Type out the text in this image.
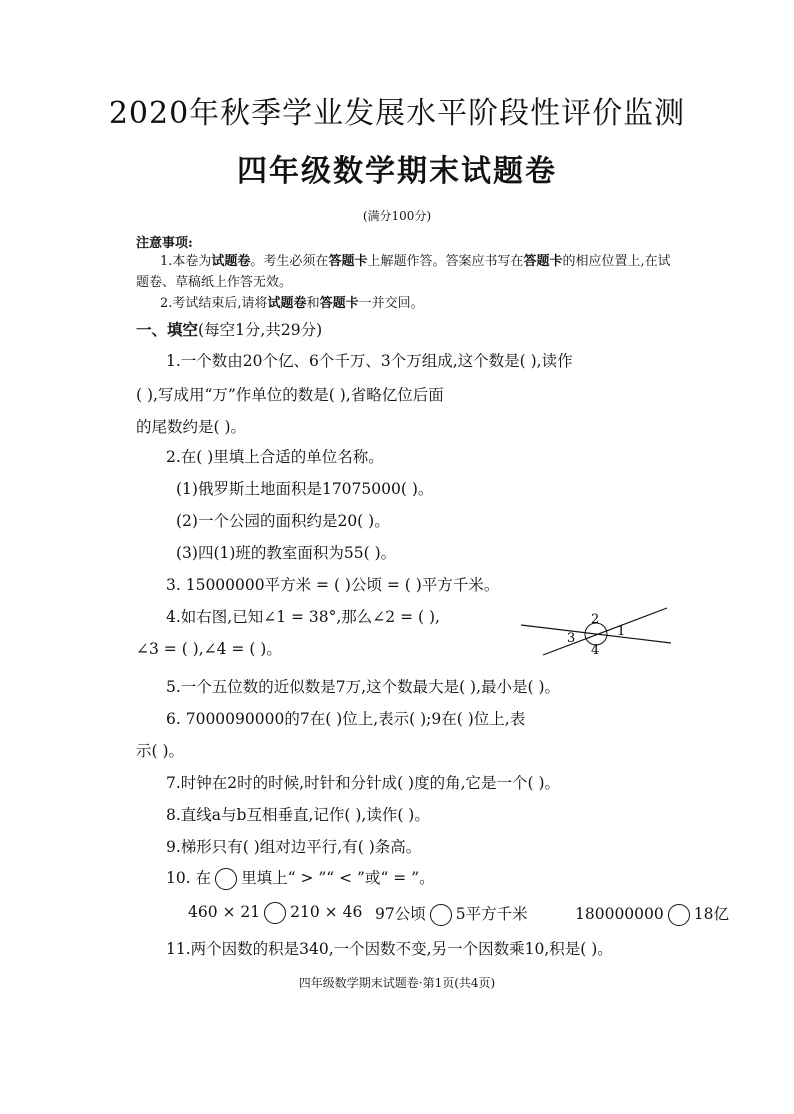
2020年秋季学业发展水平阶段性评价监测
四年级数学期末试题卷
(满分100分)
注意事项:
1.本卷为试题卷。考生必须在答题卡上解题作答。答案应书写在答题卡的相应位置上,在试
题卷、草稿纸上作答无效。
2.考试结束后,请将试题卷和答题卡一并交回。
一、填空(每空1分,共29分)
1.一个数由20个亿、6个千万、3个万组成,这个数是( ),读作
( ),写成用“万”作单位的数是( ),省略亿位后面
的尾数约是( )。
2.在( )里填上合适的单位名称。
(1)俄罗斯土地面积是17075000( )。
(2)一个公园的面积约是20( )。
(3)四(1)班的教室面积为55( )。
3. 15000000平方米 = ( )公顷 = ( )平方千米。
4.如右图,已知∠1 = 38°,那么∠2 = ( ),
∠3 = ( ),∠4 = ( )。
2
3	1
4
5.一个五位数的近似数是7万,这个数最大是( ),最小是( )。
6. 7000090000的7在( )位上,表示( );9在( )位上,表
示( )。
7.时钟在2时的时候,时针和分针成( )度的角,它是一个( )。
8.直线a与b互相垂直,记作( ),读作( )。
9.梯形只有( )组对边平行,有( )条高。
10. 在 里填上“ > ”“ < ”或“ = ”。
460 × 21 210 × 46 97公顷 5平方千米	180000000 18亿
11.两个因数的积是340,一个因数不变,另一个因数乘10,积是( )。
四年级数学期末试题卷·第1页(共4页)
